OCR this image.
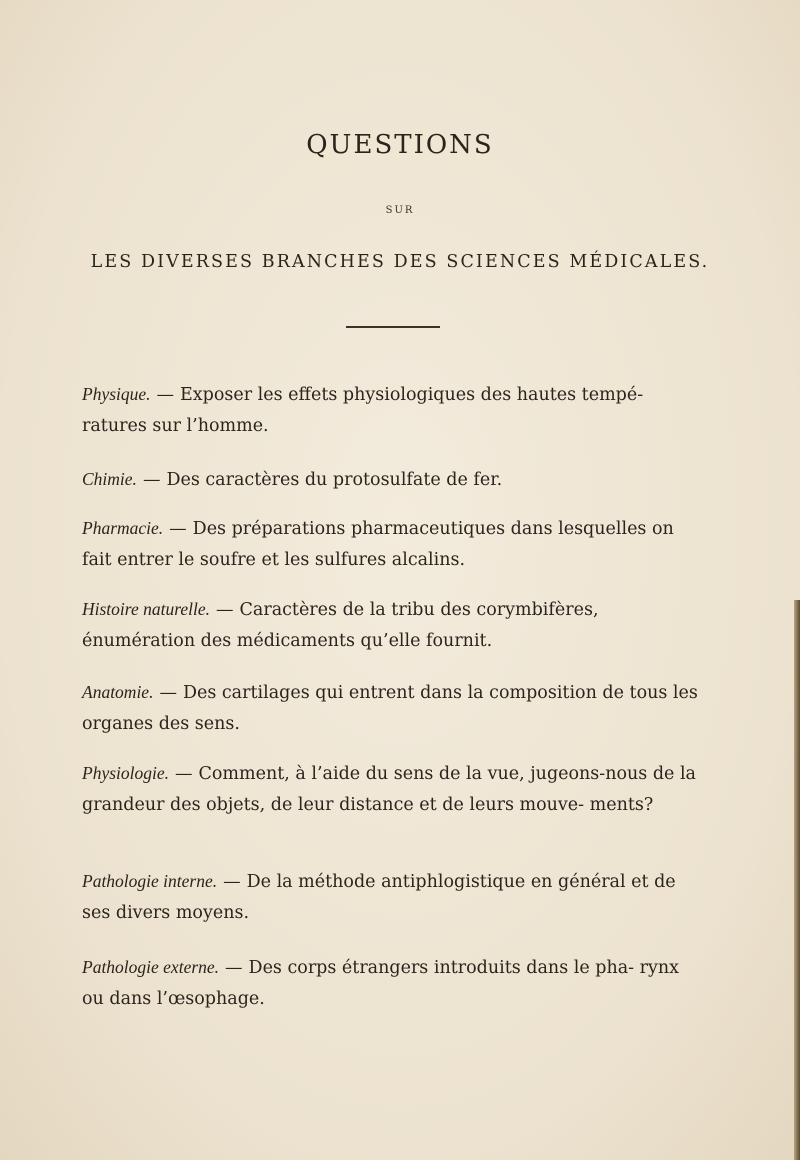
QUESTIONS
SUR
LES DIVERSES BRANCHES DES SCIENCES MÉDICALES.
Physique. — Exposer les effets physiologiques des hautes tempé- ratures sur l’homme.
Chimie. — Des caractères du protosulfate de fer.
Pharmacie. — Des préparations pharmaceutiques dans lesquelles on fait entrer le soufre et les sulfures alcalins.
Histoire naturelle. — Caractères de la tribu des corymbifères, énumération des médicaments qu’elle fournit.
Anatomie. — Des cartilages qui entrent dans la composition de tous les organes des sens.
Physiologie. — Comment, à l’aide du sens de la vue, jugeons-nous de la grandeur des objets, de leur distance et de leurs mouve- ments?
Pathologie interne. — De la méthode antiphlogistique en général et de ses divers moyens.
Pathologie externe. — Des corps étrangers introduits dans le pha- rynx ou dans l’œsophage.
